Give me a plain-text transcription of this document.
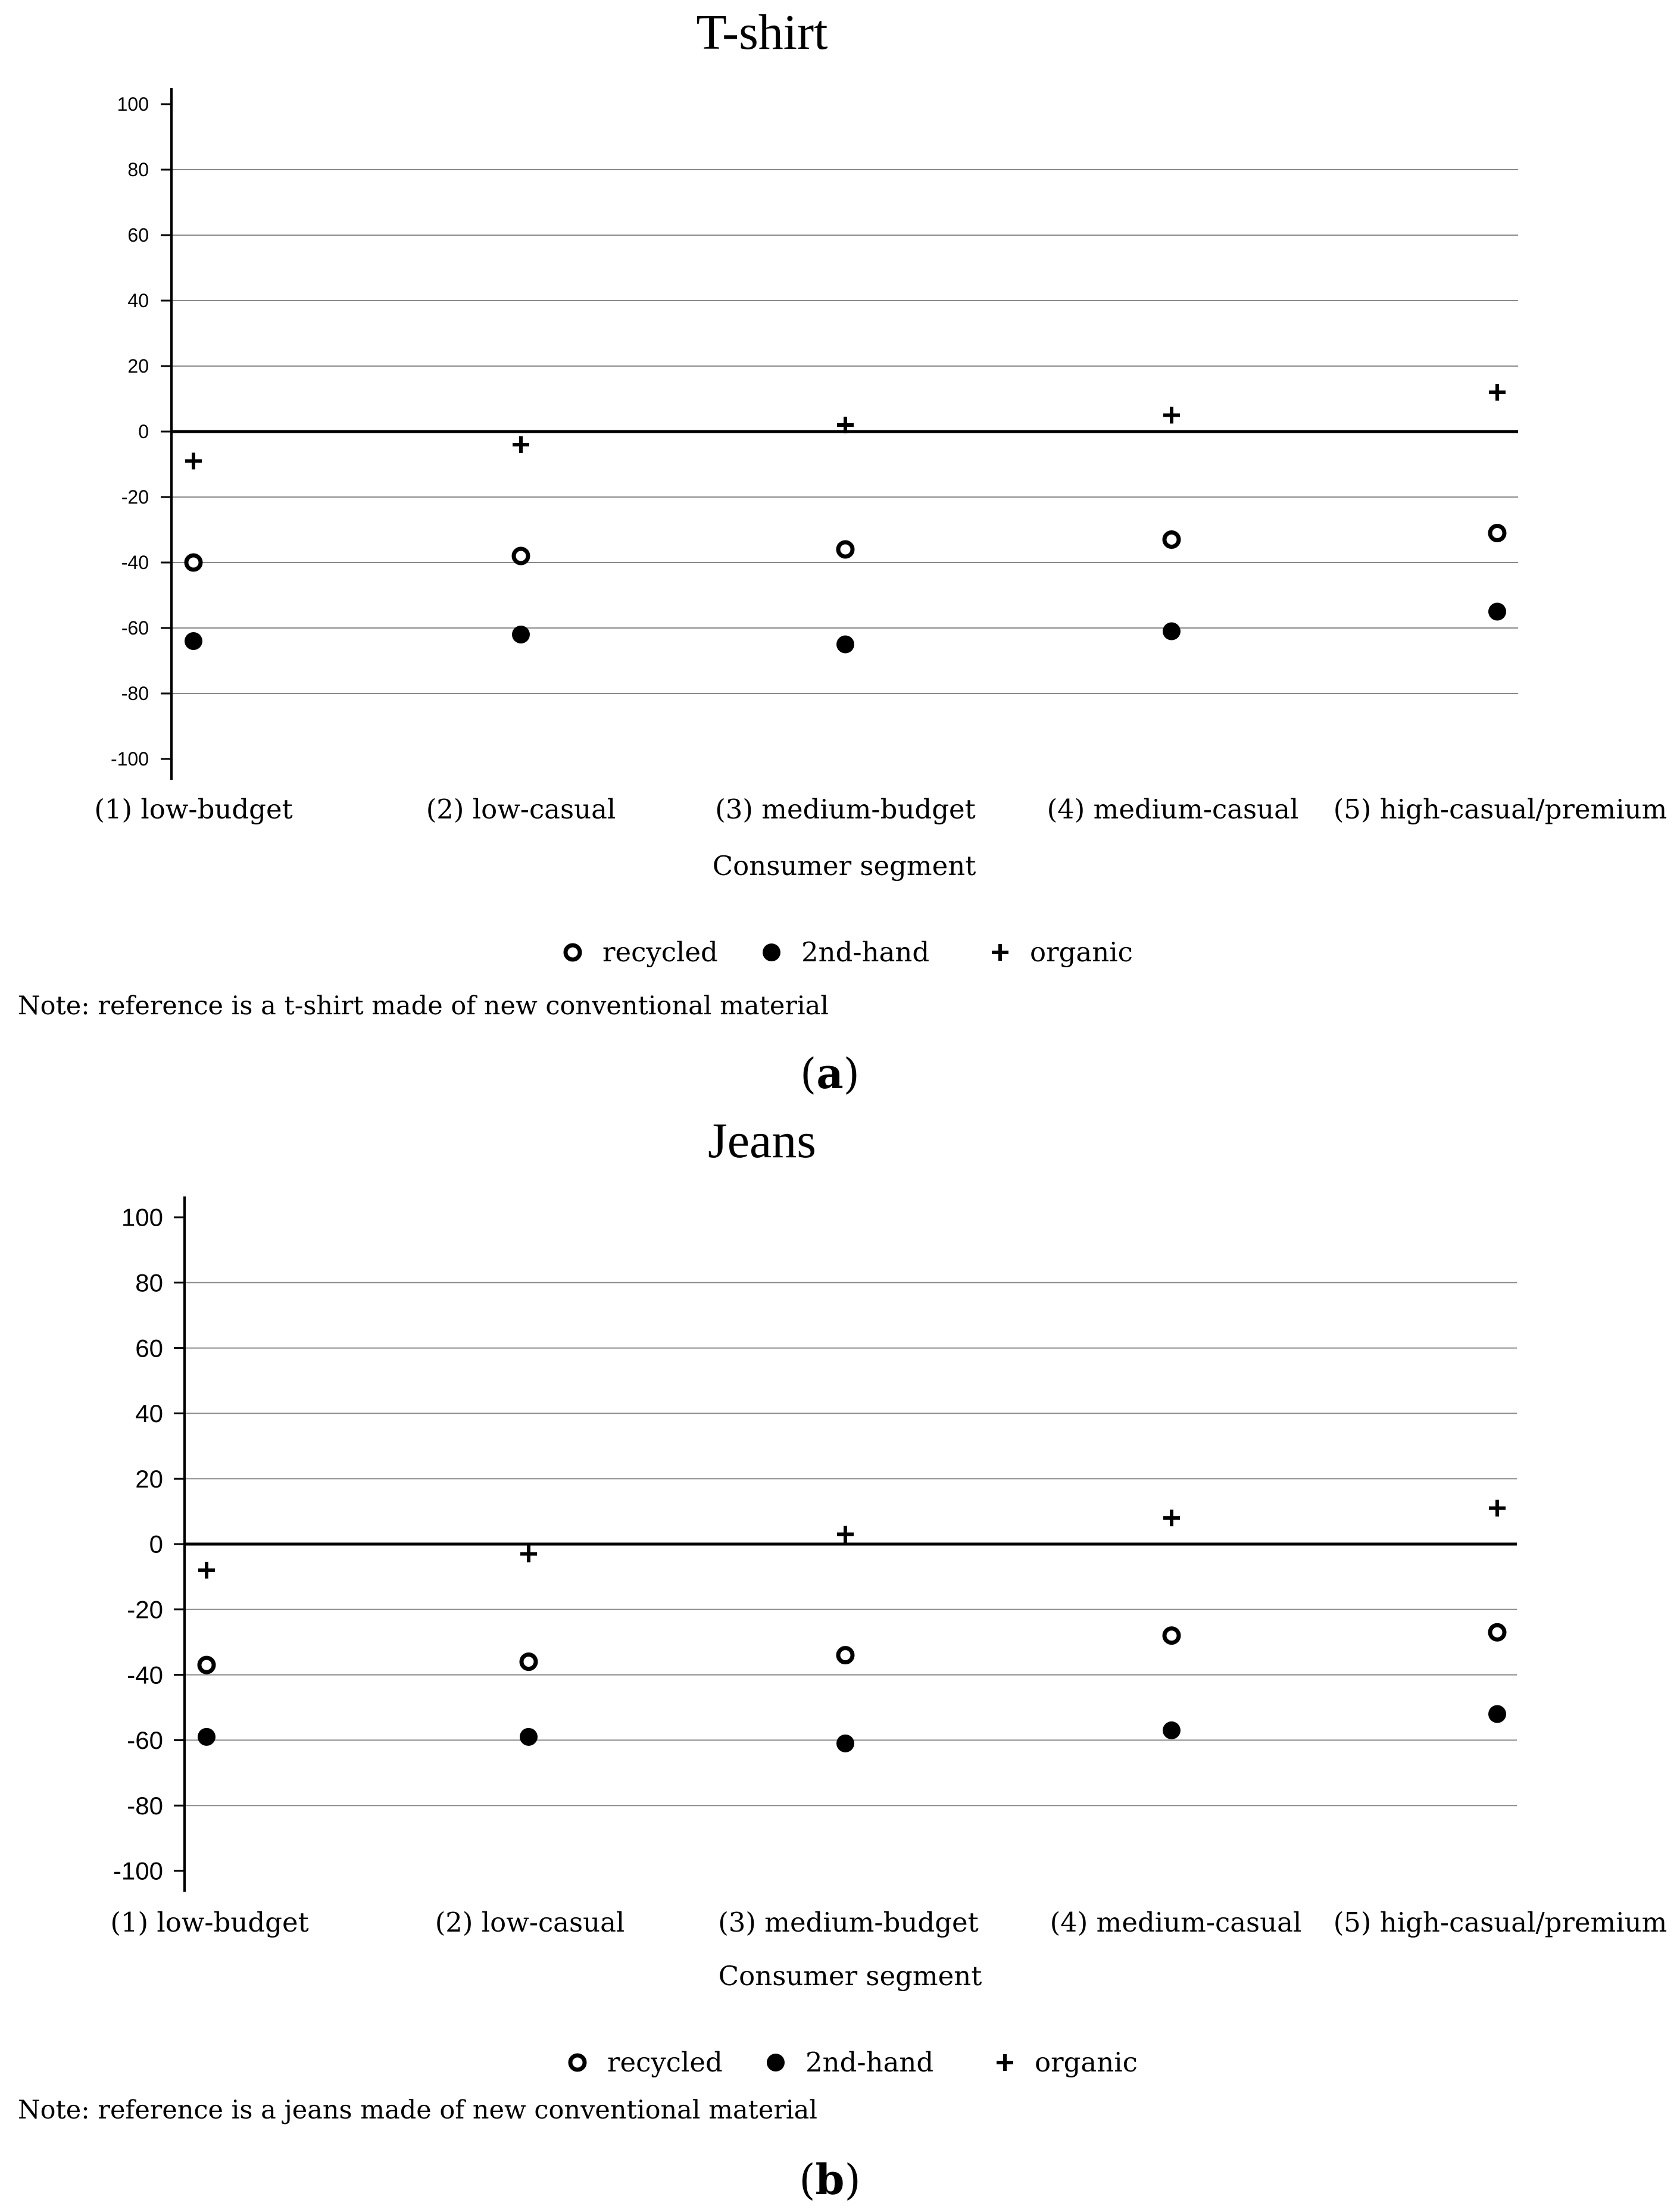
T-shirt
100
80
60
40
20
0
-20
-40
-60
-80
-100
(1) low-budget	(2) low-casual	(3) medium-budget	(4) medium-casual (5) high-casual/premium
Consumer segment
recycled	2nd-hand	organic

Note: reference is a t-shirt made of new conventional material

(a)

Jeans
100
80
60
40
20
0
-20
-40
-60
-80
-100
(1) low-budget	(2) low-casual	(3) medium-budget	(4) medium-casual (5) high-casual/premium
Consumer segment
recycled	2nd-hand	organic

Note: reference is a jeans made of new conventional material

(b)
